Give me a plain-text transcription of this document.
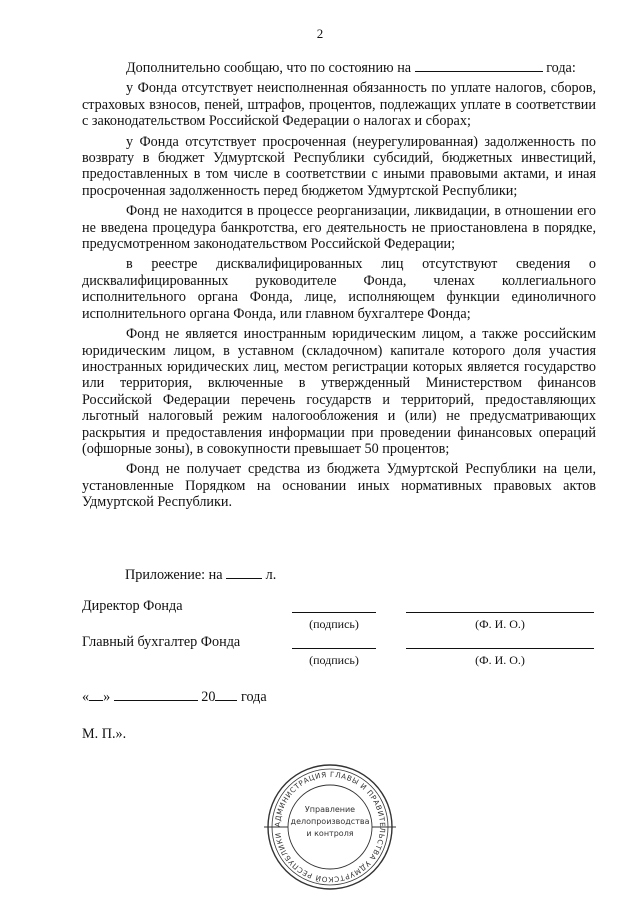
2

Дополнительно сообщаю, что по состоянию на	года:

у Фонда отсутствует неисполненная обязанность по уплате налогов, сборов, страховых взносов, пеней, штрафов, процентов, подлежащих уплате в соответствии с законодательством Российской Федерации о налогах и сборах;

у Фонда отсутствует просроченная (неурегулированная) задолженность по возврату в бюджет Удмуртской Республики субсидий, бюджетных инвестиций, предоставленных в том числе в соответствии с иными правовыми актами, и иная просроченная задолженность перед бюджетом Удмуртской Республики;

Фонд не находится в процессе реорганизации, ликвидации, в отношении его не введена процедура банкротства, его деятельность не приостановлена в порядке, предусмотренном законодательством Российской Федерации;

в реестре дисквалифицированных лиц отсутствуют сведения о дисквалифицированных руководителе Фонда, членах коллегиального исполнительного органа Фонда, лице, исполняющем функции единоличного исполнительного органа Фонда, или главном бухгалтере Фонда;

Фонд не является иностранным юридическим лицом, а также российским юридическим лицом, в уставном (складочном) капитале которого доля участия иностранных юридических лиц, местом регистрации которых является государство или территория, включенные в утвержденный Министерством финансов Российской Федерации перечень государств и территорий, предоставляющих льготный налоговый режим налогообложения и (или) не предусматривающих раскрытия и предоставления информации при проведении финансовых операций (офшорные зоны), в совокупности превышает 50 процентов;

Фонд не получает средства из бюджета Удмуртской Республики на цели, установленные Порядком на основании иных нормативных правовых актов Удмуртской Республики.

Приложение: на	л.
Директор Фонда
(подпись)	(Ф. И. О.)
Главный бухгалтер Фонда
(подпись)	(Ф. И. О.)
« »	20 года
М. П.».
АДМИНИСТРАЦИЯ ГЛАВЫ И ПРАВИТЕЛЬСТВА УДМУРТСКОЙ РЕСПУБЛИКИ
Управление
делопроизводства
и контроля
